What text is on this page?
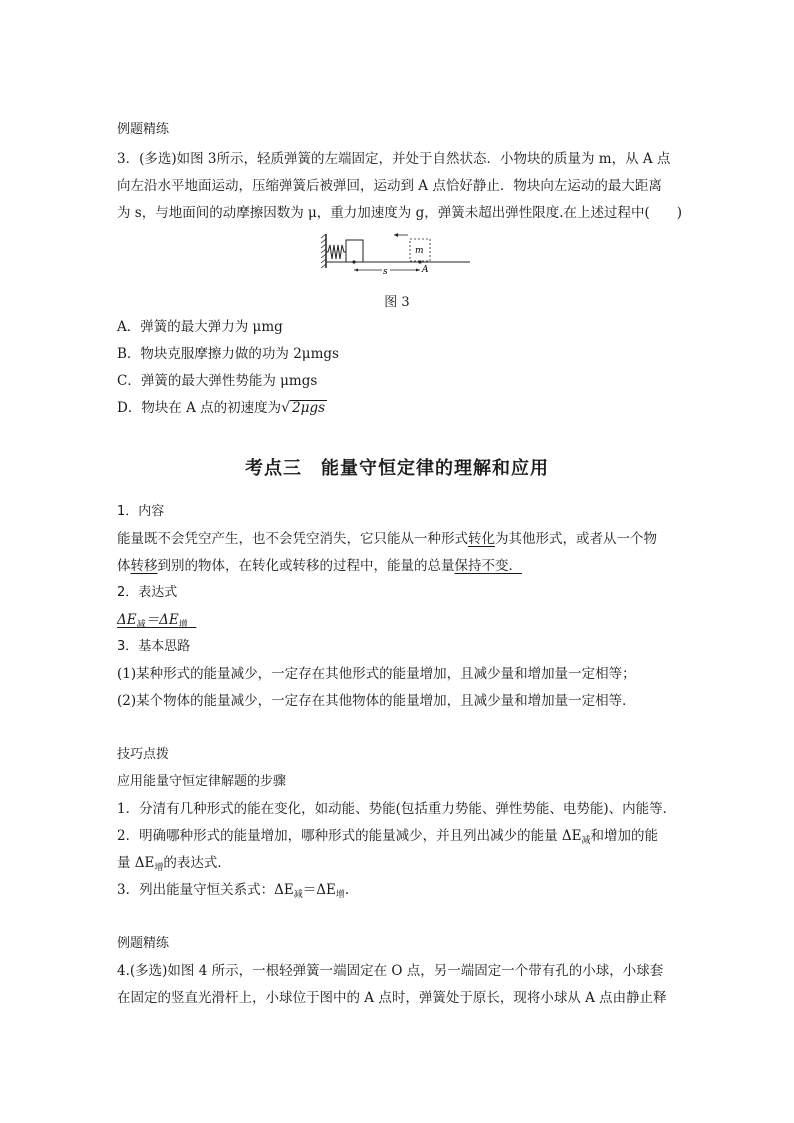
例题精练
3．(多选)如图 3所示，轻质弹簧的左端固定，并处于自然状态．小物块的质量为 m，从 A 点
向左沿水平地面运动，压缩弹簧后被弹回，运动到 A 点恰好静止．物块向左运动的最大距离
为 s，与地面间的动摩擦因数为 μ，重力加速度为 g，弹簧未超出弹性限度.在上述过程中(　　)
m
A
s
图 3
A．弹簧的最大弹力为 μmg
B．物块克服摩擦力做的功为 2μmgs
C．弹簧的最大弹性势能为 μmgs
D．物块在 A 点的初速度为√ 2μgs
考点三　能量守恒定律的理解和应用
1．内容
能量既不会凭空产生，也不会凭空消失，它只能从一种形式转化为其他形式，或者从一个物
体转移到别的物体，在转化或转移的过程中，能量的总量保持不变．
2．表达式
$\Delta E_减=\Delta E_增$
3．基本思路
(1)某种形式的能量减少，一定存在其他形式的能量增加，且减少量和增加量一定相等；
(2)某个物体的能量减少，一定存在其他物体的能量增加，且减少量和增加量一定相等．
技巧点拨
应用能量守恒定律解题的步骤
1．分清有几种形式的能在变化，如动能、势能(包括重力势能、弹性势能、电势能)、内能等．
2．明确哪种形式的能量增加，哪种形式的能量减少，并且列出减少的能量 $\Delta E_减$和增加的能
量 $\Delta E_增$的表达式．
3．列出能量守恒关系式：$\Delta E_减=\Delta E_增$.
例题精练
4.(多选)如图 4 所示，一根轻弹簧一端固定在 O 点，另一端固定一个带有孔的小球，小球套
在固定的竖直光滑杆上，小球位于图中的 A 点时，弹簧处于原长，现将小球从 A 点由静止释
